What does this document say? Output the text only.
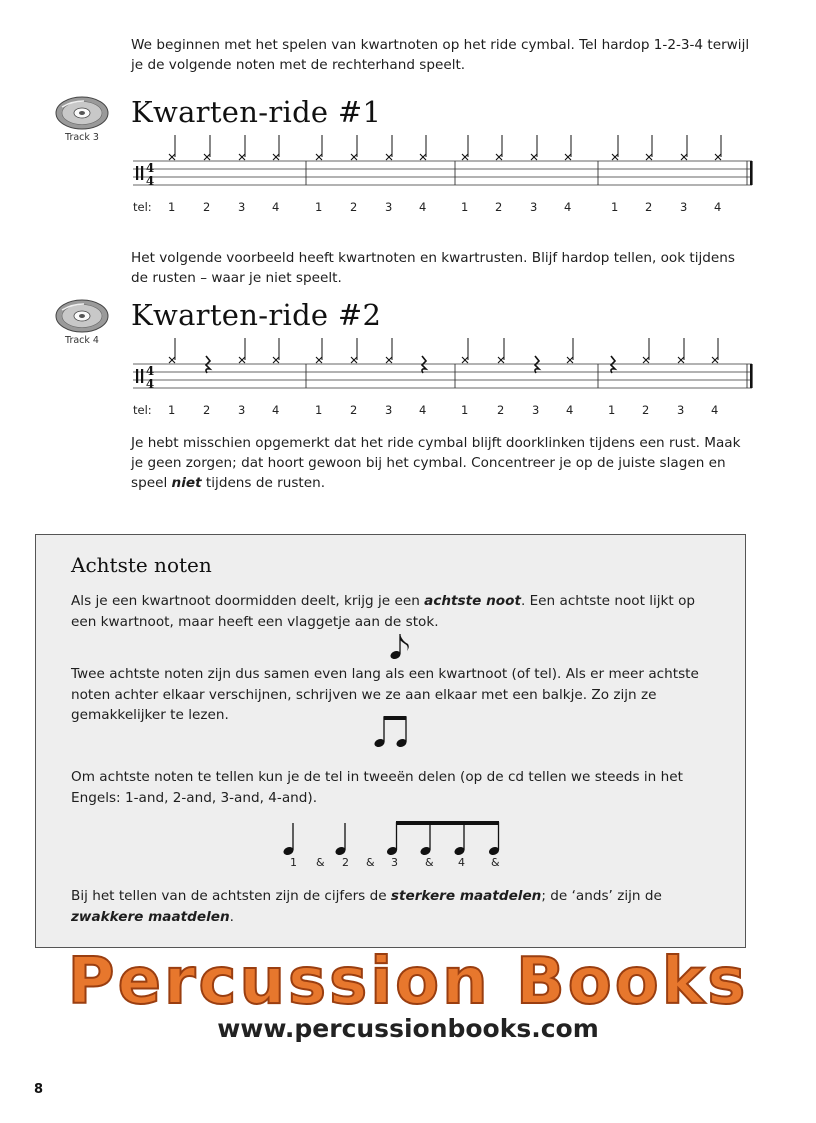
We beginnen met het spelen van kwartnoten op het ride cymbal. Tel hardop 1-2-3-4 terwijl je de volgende noten met de rechterhand speelt.

Track 3
Kwarten-ride #1
4
4
tel: 1 2 3 4	1 2 3 4	1 2 3 4	1 2 3 4

Het volgende voorbeeld heeft kwartnoten en kwartrusten. Blijf hardop tellen, ook tijdens de rusten – waar je niet speelt.

Track 4
Kwarten-ride #2
4
4
tel: 1 2 3 4	1 2 3 4	1 2 3 4	1 2 3 4

Je hebt misschien opgemerkt dat het ride cymbal blijft doorklinken tijdens een rust. Maak je geen zorgen; dat hoort gewoon bij het cymbal. Concentreer je op de juiste slagen en speel niet tijdens de rusten.

Achtste noten

Als je een kwartnoot doormidden deelt, krijg je een achtste noot. Een achtste noot lijkt op een kwartnoot, maar heeft een vlaggetje aan de stok.

Twee achtste noten zijn dus samen even lang als een kwartnoot (of tel). Als er meer achtste noten achter elkaar verschijnen, schrijven we ze aan elkaar met een balkje. Zo zijn ze gemakkelijker te lezen.

Om achtste noten te tellen kun je de tel in tweeën delen (op de cd tellen we steeds in het Engels: 1-and, 2-and, 3-and, 4-and).

1 & 2 & 3 & 4 &

Bij het tellen van de achtsten zijn de cijfers de sterkere maatdelen; de ‘ands’ zijn de zwakkere maatdelen.

Percussion Books
www.percussionbooks.com
8
